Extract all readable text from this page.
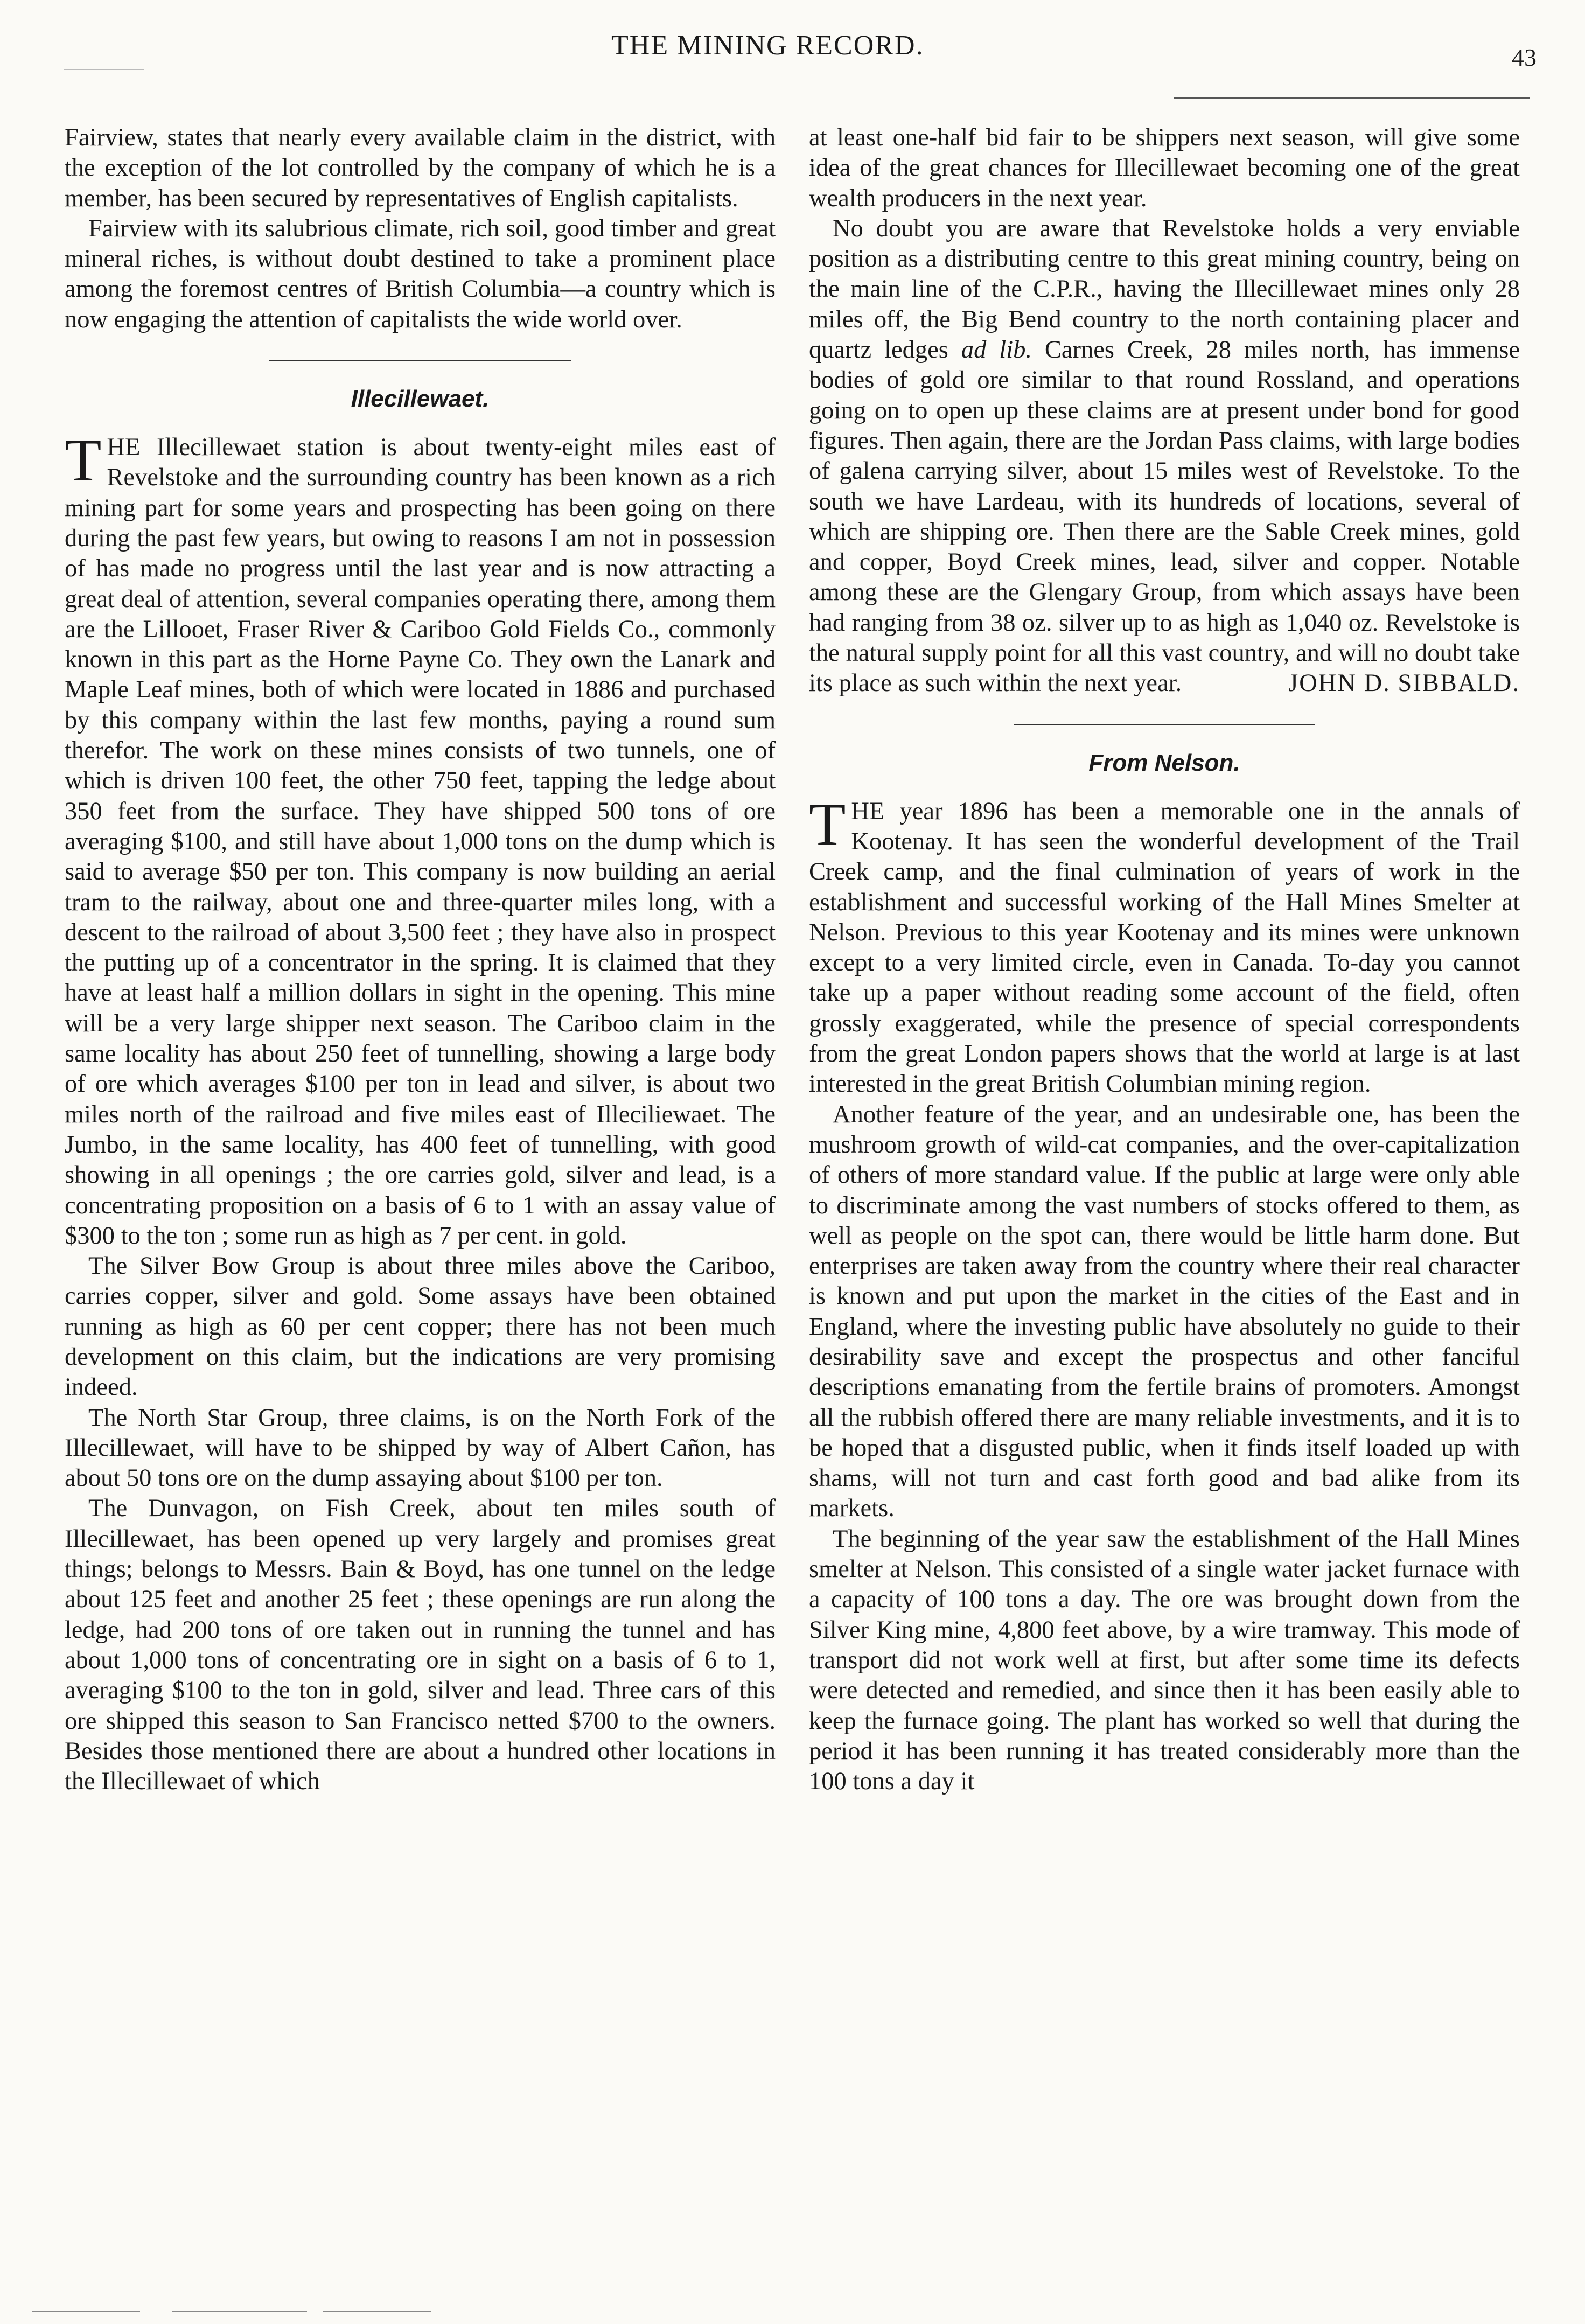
THE MINING RECORD.	43

Fairview, states that nearly every available claim in the district, with the exception of the lot controlled by the company of which he is a member, has been secured by representatives of English capitalists.

Fairview with its salubrious climate, rich soil, good timber and great mineral riches, is without doubt destined to take a prominent place among the foremost centres of British Columbia—a country which is now engaging the attention of capitalists the wide world over.

Illecillewaet.

THE Illecillewaet station is about twenty-eight miles east of Revelstoke and the surrounding country has been known as a rich mining part for some years and prospecting has been going on there during the past few years, but owing to reasons I am not in possession of has made no progress until the last year and is now attracting a great deal of attention, several companies operating there, among them are the Lillooet, Fraser River & Cariboo Gold Fields Co., commonly known in this part as the Horne Payne Co. They own the Lanark and Maple Leaf mines, both of which were located in 1886 and purchased by this company within the last few months, paying a round sum therefor. The work on these mines consists of two tunnels, one of which is driven 100 feet, the other 750 feet, tapping the ledge about 350 feet from the surface. They have shipped 500 tons of ore averaging $100, and still have about 1,000 tons on the dump which is said to average $50 per ton. This company is now building an aerial tram to the railway, about one and three-quarter miles long, with a descent to the railroad of about 3,500 feet ; they have also in prospect the putting up of a concentrator in the spring. It is claimed that they have at least half a million dollars in sight in the opening. This mine will be a very large shipper next season. The Cariboo claim in the same locality has about 250 feet of tunnelling, showing a large body of ore which averages $100 per ton in lead and silver, is about two miles north of the railroad and five miles east of Illeciliewaet. The Jumbo, in the same locality, has 400 feet of tunnelling, with good showing in all openings ; the ore carries gold, silver and lead, is a concentrating proposition on a basis of 6 to 1 with an assay value of $300 to the ton ; some run as high as 7 per cent. in gold.

The Silver Bow Group is about three miles above the Cariboo, carries copper, silver and gold. Some assays have been obtained running as high as 60 per cent copper; there has not been much development on this claim, but the indications are very promising indeed.

The North Star Group, three claims, is on the North Fork of the Illecillewaet, will have to be shipped by way of Albert Cañon, has about 50 tons ore on the dump assaying about $100 per ton.

The Dunvagon, on Fish Creek, about ten miles south of Illecillewaet, has been opened up very largely and promises great things; belongs to Messrs. Bain & Boyd, has one tunnel on the ledge about 125 feet and another 25 feet ; these openings are run along the ledge, had 200 tons of ore taken out in running the tunnel and has about 1,000 tons of concentrating ore in sight on a basis of 6 to 1, averaging $100 to the ton in gold, silver and lead. Three cars of this ore shipped this season to San Francisco netted $700 to the owners. Besides those mentioned there are about a hundred other locations in the Illecillewaet of which

at least one-half bid fair to be shippers next season, will give some idea of the great chances for Illecillewaet becoming one of the great wealth producers in the next year.

No doubt you are aware that Revelstoke holds a very enviable position as a distributing centre to this great mining country, being on the main line of the C.P.R., having the Illecillewaet mines only 28 miles off, the Big Bend country to the north containing placer and quartz ledges ad lib. Carnes Creek, 28 miles north, has immense bodies of gold ore similar to that round Rossland, and operations going on to open up these claims are at present under bond for good figures. Then again, there are the Jordan Pass claims, with large bodies of galena carrying silver, about 15 miles west of Revelstoke. To the south we have Lardeau, with its hundreds of locations, several of which are shipping ore. Then there are the Sable Creek mines, gold and copper, Boyd Creek mines, lead, silver and copper. Notable among these are the Glengary Group, from which assays have been had ranging from 38 oz. silver up to as high as 1,040 oz. Revelstoke is the natural supply point for all this vast country, and will no doubt take its place as such within the next year.	JOHN D. SIBBALD.

From Nelson.

THE year 1896 has been a memorable one in the annals of Kootenay. It has seen the wonderful development of the Trail Creek camp, and the final culmination of years of work in the establishment and successful working of the Hall Mines Smelter at Nelson. Previous to this year Kootenay and its mines were unknown except to a very limited circle, even in Canada. To-day you cannot take up a paper without reading some account of the field, often grossly exaggerated, while the presence of special correspondents from the great London papers shows that the world at large is at last interested in the great British Columbian mining region.

Another feature of the year, and an undesirable one, has been the mushroom growth of wild-cat companies, and the over-capitalization of others of more standard value. If the public at large were only able to discriminate among the vast numbers of stocks offered to them, as well as people on the spot can, there would be little harm done. But enterprises are taken away from the country where their real character is known and put upon the market in the cities of the East and in England, where the investing public have absolutely no guide to their desirability save and except the prospectus and other fanciful descriptions emanating from the fertile brains of promoters. Amongst all the rubbish offered there are many reliable investments, and it is to be hoped that a disgusted public, when it finds itself loaded up with shams, will not turn and cast forth good and bad alike from its markets.

The beginning of the year saw the establishment of the Hall Mines smelter at Nelson. This consisted of a single water jacket furnace with a capacity of 100 tons a day. The ore was brought down from the Silver King mine, 4,800 feet above, by a wire tramway. This mode of transport did not work well at first, but after some time its defects were detected and remedied, and since then it has been easily able to keep the furnace going. The plant has worked so well that during the period it has been running it has treated considerably more than the 100 tons a day it
